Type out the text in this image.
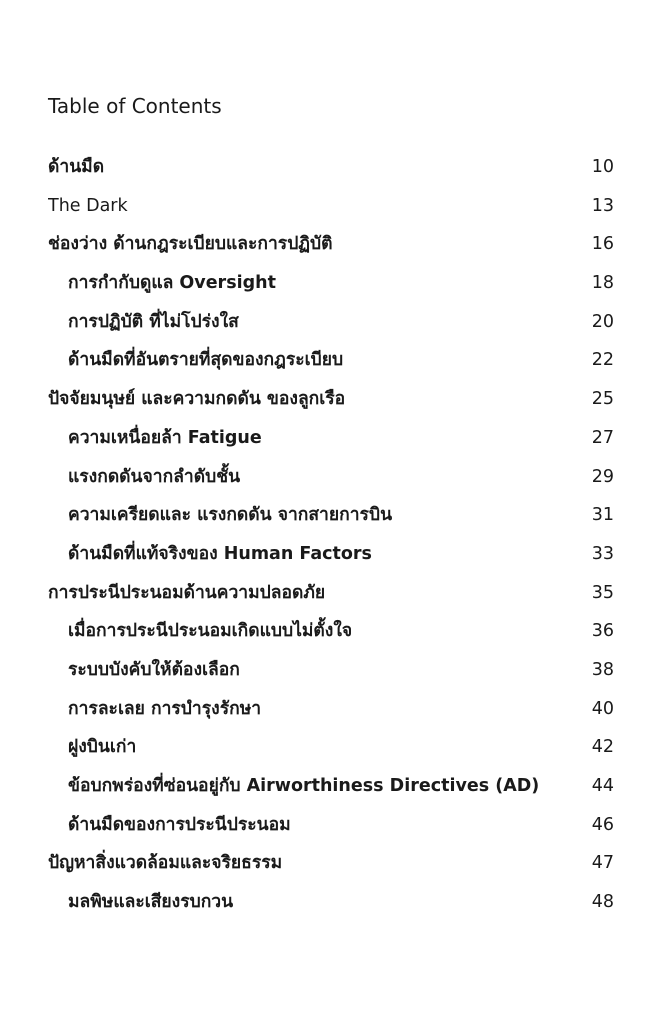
Table of Contents
ด้านมืด	10
The Dark	13
ช่องว่าง ด้านกฎระเบียบและการปฏิบัติ	16
การกำกับดูแล Oversight	18
การปฏิบัติ ที่ไม่โปร่งใส	20
ด้านมืดที่อันตรายที่สุดของกฎระเบียบ	22
ปัจจัยมนุษย์ และความกดดัน ของลูกเรือ	25
ความเหนื่อยล้า Fatigue	27
แรงกดดันจากลำดับชั้น	29
ความเครียดและ แรงกดดัน จากสายการบิน	31
ด้านมืดที่แท้จริงของ Human Factors	33
การประนีประนอมด้านความปลอดภัย	35
เมื่อการประนีประนอมเกิดแบบไม่ตั้งใจ	36
ระบบบังคับให้ต้องเลือก	38
การละเลย การบำรุงรักษา	40
ฝูงบินเก่า	42
ข้อบกพร่องที่ซ่อนอยู่กับ Airworthiness Directives (AD)	44
ด้านมืดของการประนีประนอม	46
ปัญหาสิ่งแวดล้อมและจริยธรรม	47
มลพิษและเสียงรบกวน	48
